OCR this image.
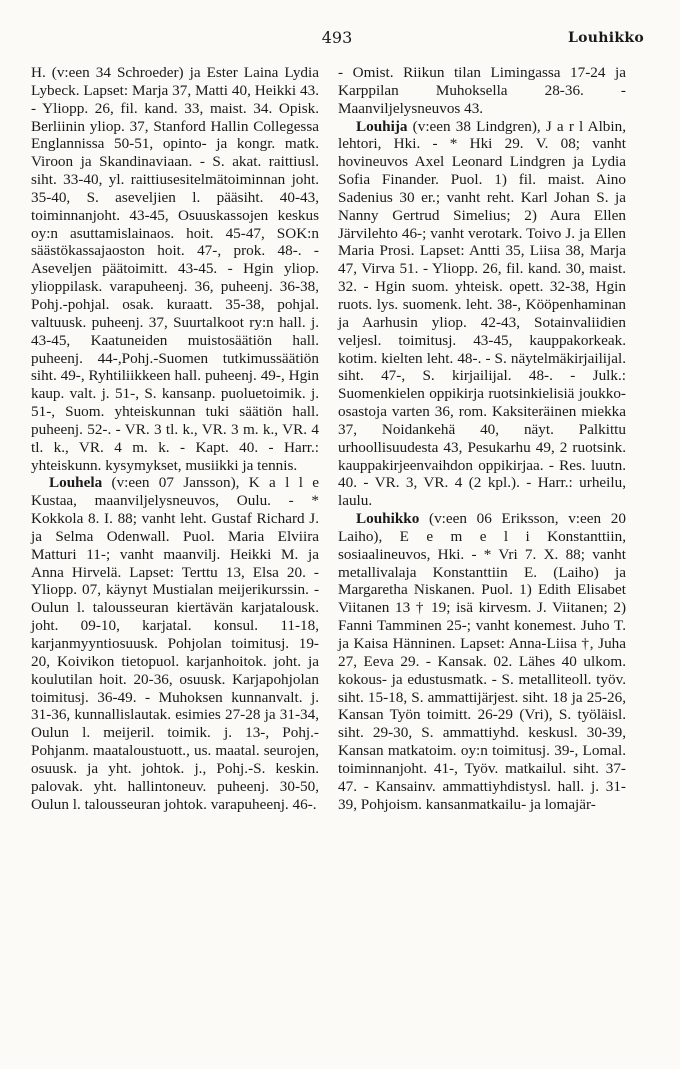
493	Louhikko

H. (v:een 34 Schroeder) ja Ester Laina Lydia Lybeck. Lapset: Marja 37, Matti 40, Heikki 43. - Yliopp. 26, fil. kand. 33, maist. 34. Opisk. Berliinin yliop. 37, Stanford Hallin Collegessa Englannissa 50-51, opinto- ja kongr. matk. Viroon ja Skandinaviaan. - S. akat. raittiusl. siht. 33-40, yl. raittiusesitelmätoiminnan joht. 35-40, S. aseveljien l. pääsiht. 40-43, toiminnanjoht. 43-45, Osuuskassojen keskus oy:n asuttamislainaos. hoit. 45-47, SOK:n säästökassajaoston hoit. 47-, prok. 48-. - Aseveljen päätoimitt. 43-45. - Hgin yliop. ylioppilask. varapuheenj. 36, puheenj. 36-38, Pohj.-pohjal. osak. kuraatt. 35-38, pohjal. valtuusk. puheenj. 37, Suurtalkoot ry:n hall. j. 43-45, Kaatuneiden muistosäätiön hall. puheenj. 44-,Pohj.-Suomen tutkimussäätiön siht. 49-, Ryhtiliikkeen hall. puheenj. 49-, Hgin kaup. valt. j. 51-, S. kansanp. puoluetoimik. j. 51-, Suom. yhteiskunnan tuki säätiön hall. puheenj. 52-. - VR. 3 tl. k., VR. 3 m. k., VR. 4 tl. k., VR. 4 m. k. - Kapt. 40. - Harr.: yhteiskunn. kysymykset, musiikki ja tennis.

Louhela (v:een 07 Jansson), K a l l e Kustaa, maanviljelysneuvos, Oulu. - * Kokkola 8. I. 88; vanht leht. Gustaf Richard J. ja Selma Odenwall. Puol. Maria Elviira Matturi 11-; vanht maanvilj. Heikki M. ja Anna Hirvelä. Lapset: Terttu 13, Elsa 20. - Yliopp. 07, käynyt Mustialan meijerikurssin. - Oulun l. talousseuran kiertävän karjatalousk. joht. 09-10, karjatal. konsul. 11-18, karjanmyyntiosuusk. Pohjolan toimitusj. 19-20, Koivikon tietopuol. karjanhoitok. joht. ja koulutilan hoit. 20-36, osuusk. Karjapohjolan toimitusj. 36-49. - Muhoksen kunnanvalt. j. 31-36, kunnallislautak. esimies 27-28 ja 31-34, Oulun l. meijeril. toimik. j. 13-, Pohj.-Pohjanm. maataloustuott., us. maatal. seurojen, osuusk. ja yht. johtok. j., Pohj.-S. keskin. palovak. yht. hallintoneuv. puheenj. 30-50, Oulun l. talousseuran johtok. varapuheenj. 46-.

- Omist. Riikun tilan Limingassa 17-24 ja Karppilan Muhoksella 28-36. - Maanviljelysneuvos 43.

Louhija (v:een 38 Lindgren), J a r l Albin, lehtori, Hki. - * Hki 29. V. 08; vanht hovineuvos Axel Leonard Lindgren ja Lydia Sofia Finander. Puol. 1) fil. maist. Aino Sadenius 30 er.; vanht reht. Karl Johan S. ja Nanny Gertrud Simelius; 2) Aura Ellen Järvilehto 46-; vanht verotark. Toivo J. ja Ellen Maria Prosi. Lapset: Antti 35, Liisa 38, Marja 47, Virva 51. - Yliopp. 26, fil. kand. 30, maist. 32. - Hgin suom. yhteisk. opett. 32-38, Hgin ruots. lys. suomenk. leht. 38-, Kööpenhaminan ja Aarhusin yliop. 42-43, Sotainvaliidien veljesl. toimitusj. 43-45, kauppakorkeak. kotim. kielten leht. 48-. - S. näytelmäkirjailijal. siht. 47-, S. kirjailijal. 48-. - Julk.: Suomenkielen oppikirja ruotsinkielisiä joukko-osastoja varten 36, rom. Kaksiteräinen miekka 37, Noidankehä 40, näyt. Palkittu urhoollisuudesta 43, Pesukarhu 49, 2 ruotsink. kauppakirjeenvaihdon oppikirjaa. - Res. luutn. 40. - VR. 3, VR. 4 (2 kpl.). - Harr.: urheilu, laulu.

Louhikko (v:een 06 Eriksson, v:een 20 Laiho), E e m e l i Konstanttiin, sosiaalineuvos, Hki. - * Vri 7. X. 88; vanht metallivalaja Konstanttiin E. (Laiho) ja Margaretha Niskanen. Puol. 1) Edith Elisabet Viitanen 13 † 19; isä kirvesm. J. Viitanen; 2) Fanni Tamminen 25-; vanht konemest. Juho T. ja Kaisa Hänninen. Lapset: Anna-Liisa †, Juha 27, Eeva 29. - Kansak. 02. Lähes 40 ulkom. kokous- ja edustusmatk. - S. metalliteoll. työv. siht. 15-18, S. ammattijärjest. siht. 18 ja 25-26, Kansan Työn toimitt. 26-29 (Vri), S. työläisl. siht. 29-30, S. ammattiyhd. keskusl. 30-39, Kansan matkatoim. oy:n toimitusj. 39-, Lomal. toiminnanjoht. 41-, Työv. matkailul. siht. 37-47. - Kansainv. ammattiyhdistysl. hall. j. 31-39, Pohjoism. kansanmatkailu- ja lomajär-
